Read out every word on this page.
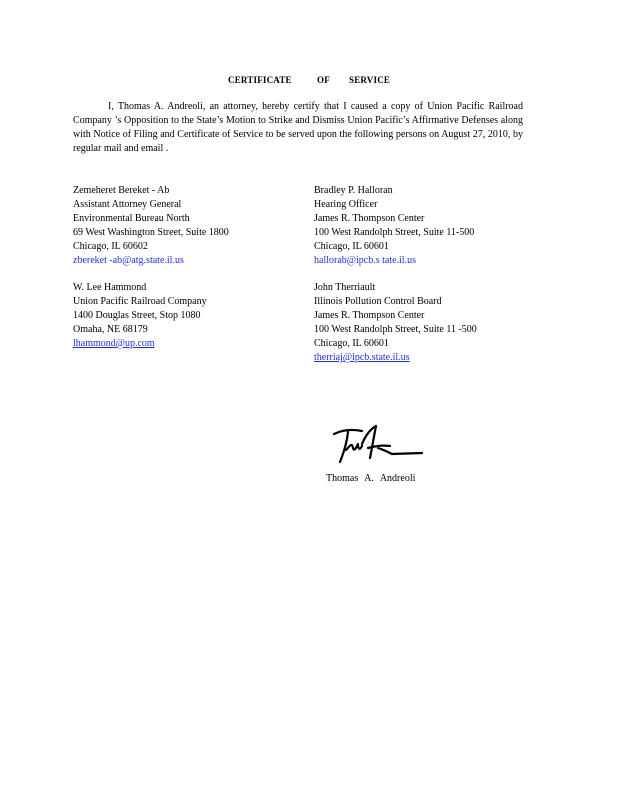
CERTIFICATE	OF SERVICE
I, Thomas A. Andreoli, an attorney, hereby certify that I caused a copy of Union Pacific Railroad Company ’s Opposition to the State’s Motion to Strike and Dismiss Union Pacific’s Affirmative Defenses along with Notice of Filing and Certificate of Service to be served upon the following persons on August 27, 2010, by regular mail and email .
Zemeheret Bereket - Ab
Assistant Attorney General
Environmental Bureau North
69 West Washington Street, Suite 1800
Chicago, IL 60602
zbereket -ab@atg.state.il.us
Bradley P. Halloran
Hearing Officer
James R. Thompson Center
100 West Randolph Street, Suite 11-500
Chicago, IL 60601
hallorab@ipcb.s tate.il.us
W. Lee Hammond
Union Pacific Railroad Company
1400 Douglas Street, Stop 1080
Omaha, NE 68179
lhammond@up.com
John Therriault
Illinois Pollution Control Board
James R. Thompson Center
100 West Randolph Street, Suite 11 -500
Chicago, IL 60601
therriaj@ipcb.state.il.us
Thomas A. Andreoli
